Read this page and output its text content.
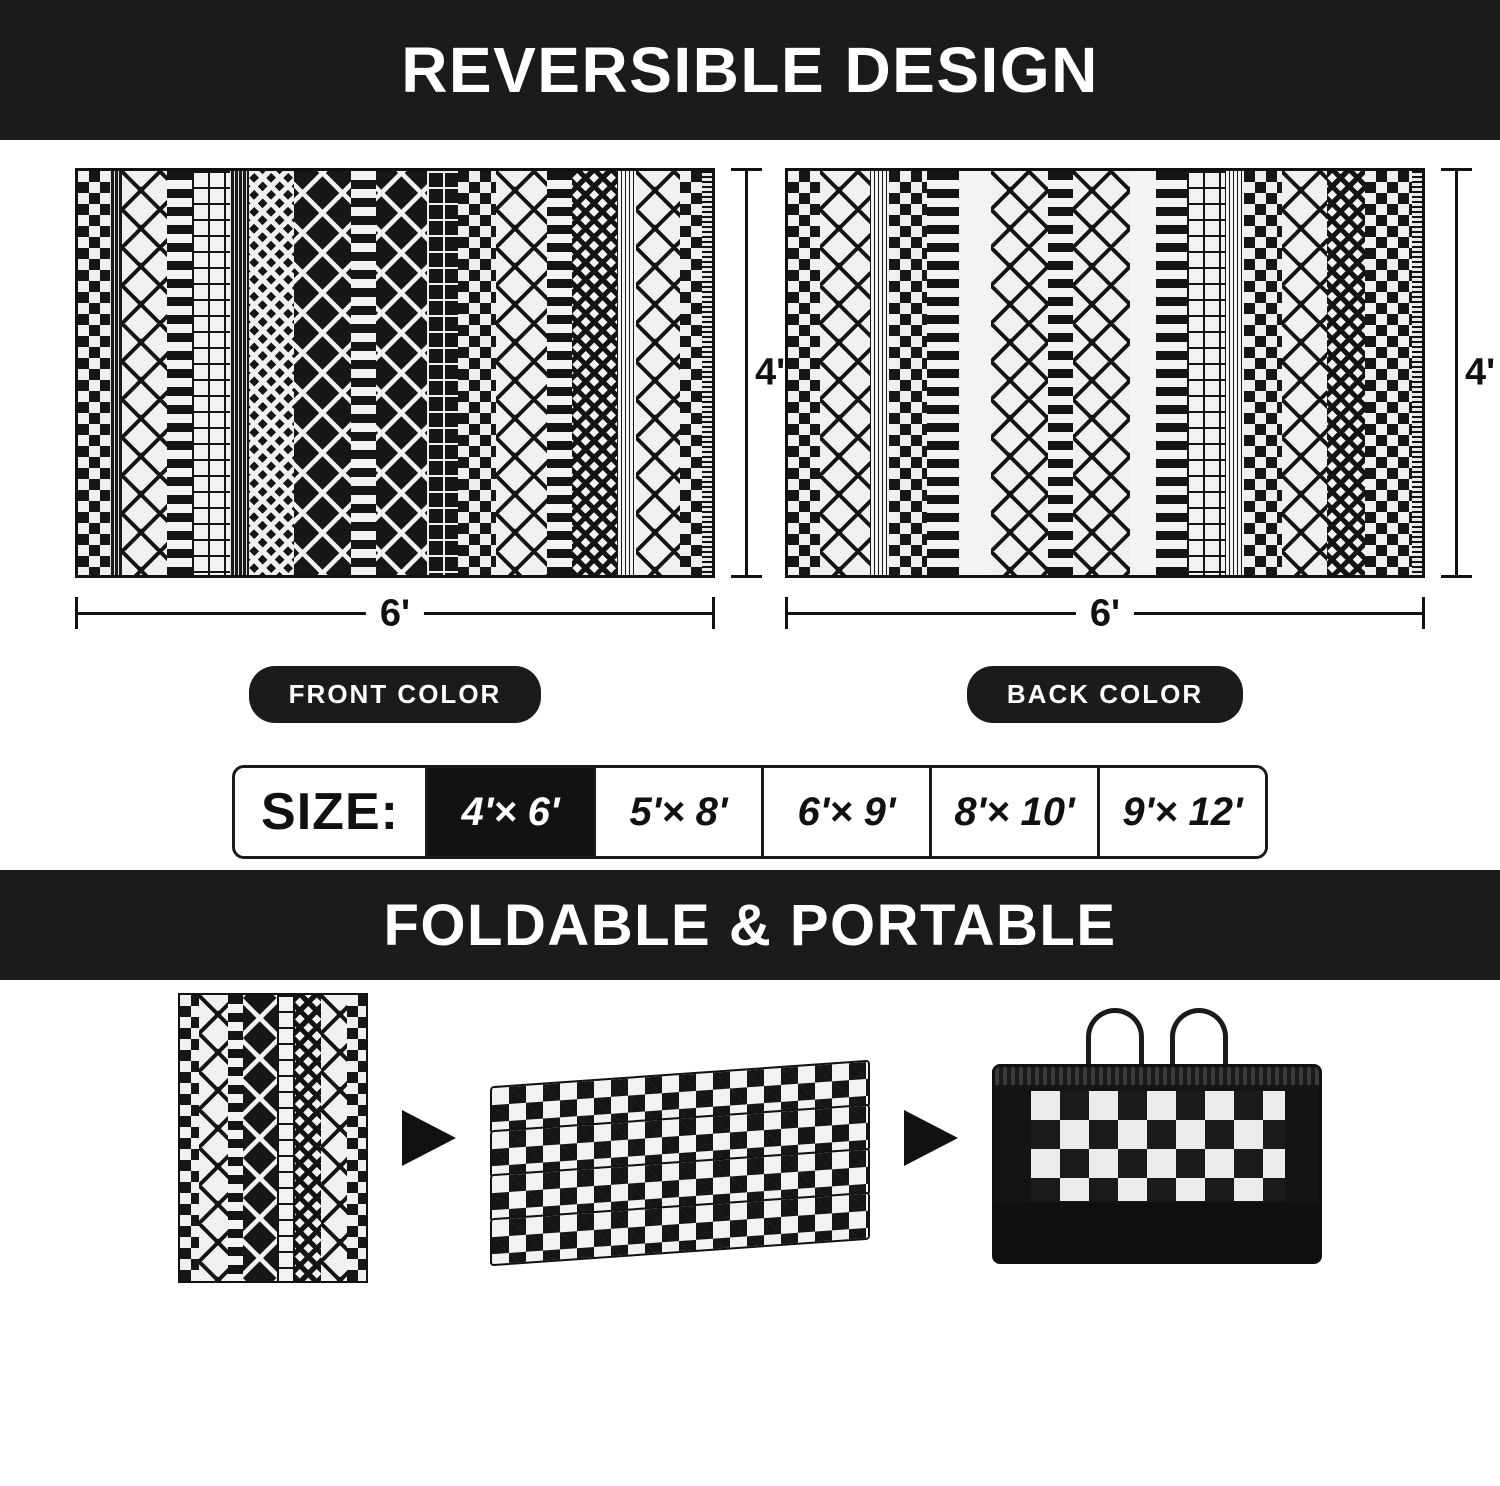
REVERSIBLE DESIGN
4'
6'
FRONT COLOR
4'
6'
BACK COLOR
SIZE:	4'× 6'	5'× 8'	6'× 9'	8'× 10'	9'× 12'
FOLDABLE & PORTABLE
